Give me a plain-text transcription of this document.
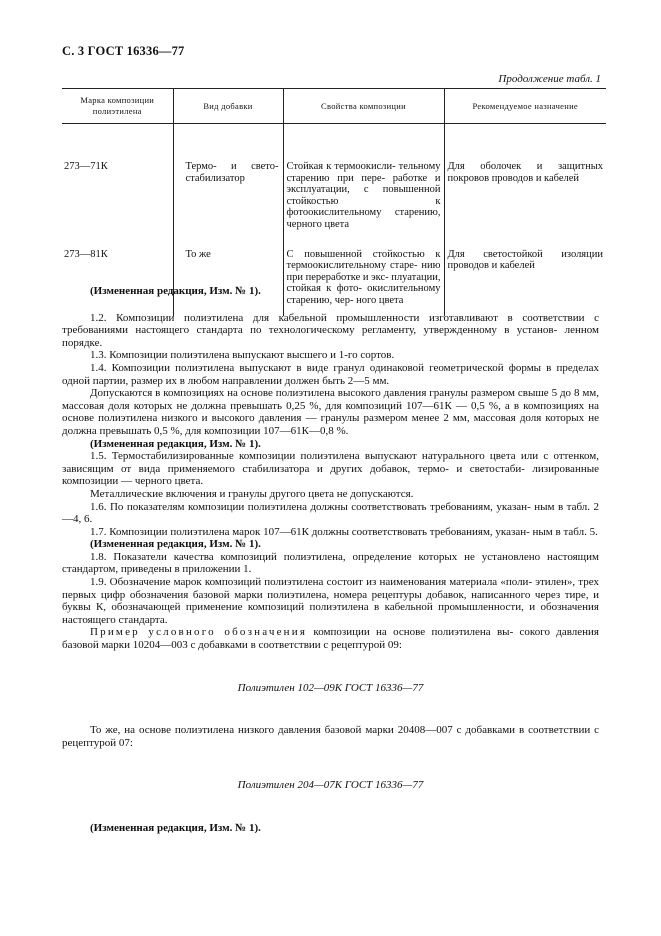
С. 3 ГОСТ 16336—77
Продолжение табл. 1
Марка композиции полиэтилена	Вид добавки	Свойства композиции	Рекомендуемое назначение
273—71К	Термо- и свето- стабилизатор	Стойкая к термоокисли- тельному старению при пере- работке и эксплуатации, с повышенной стойкостью к фотоокислительному старению, черного цвета	Для оболочек и защитных покровов проводов и кабелей
273—81К	То же	С повышенной стойкостью к термоокислительному старе- нию при переработке и экс- плуатации, стойкая к фото- окислительному старению, чер- ного цвета	Для светостойкой изоляции проводов и кабелей

(Измененная редакция, Изм. № 1).

1.2. Композиции полиэтилена для кабельной промышленности изготавливают в соответствии с требованиями настоящего стандарта по технологическому регламенту, утвержденному в установ- ленном порядке.

1.3. Композиции полиэтилена выпускают высшего и 1-го сортов.

1.4. Композиции полиэтилена выпускают в виде гранул одинаковой геометрической формы в пределах одной партии, размер их в любом направлении должен быть 2—5 мм.

Допускаются в композициях на основе полиэтилена высокого давления гранулы размером свыше 5 до 8 мм, массовая доля которых не должна превышать 0,25 %, для композиций 107—61К — 0,5 %, а в композициях на основе полиэтилена низкого и высокого давления — гранулы размером менее 2 мм, массовая доля которых не должна превышать 0,5 %, для композиции 107—61К—0,8 %.

(Измененная редакция, Изм. № 1).

1.5. Термостабилизированные композиции полиэтилена выпускают натурального цвета или с оттенком, зависящим от вида применяемого стабилизатора и других добавок, термо- и светостаби- лизированные композиции — черного цвета.

Металлические включения и гранулы другого цвета не допускаются.

1.6. По показателям композиции полиэтилена должны соответствовать требованиям, указан- ным в табл. 2—4, 6.

1.7. Композиции полиэтилена марок 107—61К должны соответствовать требованиям, указан- ным в табл. 5.

(Измененная редакция, Изм. № 1).

1.8. Показатели качества композиций полиэтилена, определение которых не установлено настоящим стандартом, приведены в приложении 1.

1.9. Обозначение марок композиций полиэтилена состоит из наименования материала «поли- этилен», трех первых цифр обозначения базовой марки полиэтилена, номера рецептуры добавок, написанного через тире, и буквы К, обозначающей применение композиций полиэтилена в кабельной промышленности, и обозначения настоящего стандарта.

Пример условного обозначения композиции на основе полиэтилена вы- сокого давления базовой марки 10204—003 с добавками в соответствии с рецептурой 09:

Полиэтилен 102—09К ГОСТ 16336—77

То же, на основе полиэтилена низкого давления базовой марки 20408—007 с добавками в соответствии с рецептурой 07:

Полиэтилен 204—07К ГОСТ 16336—77

(Измененная редакция, Изм. № 1).
